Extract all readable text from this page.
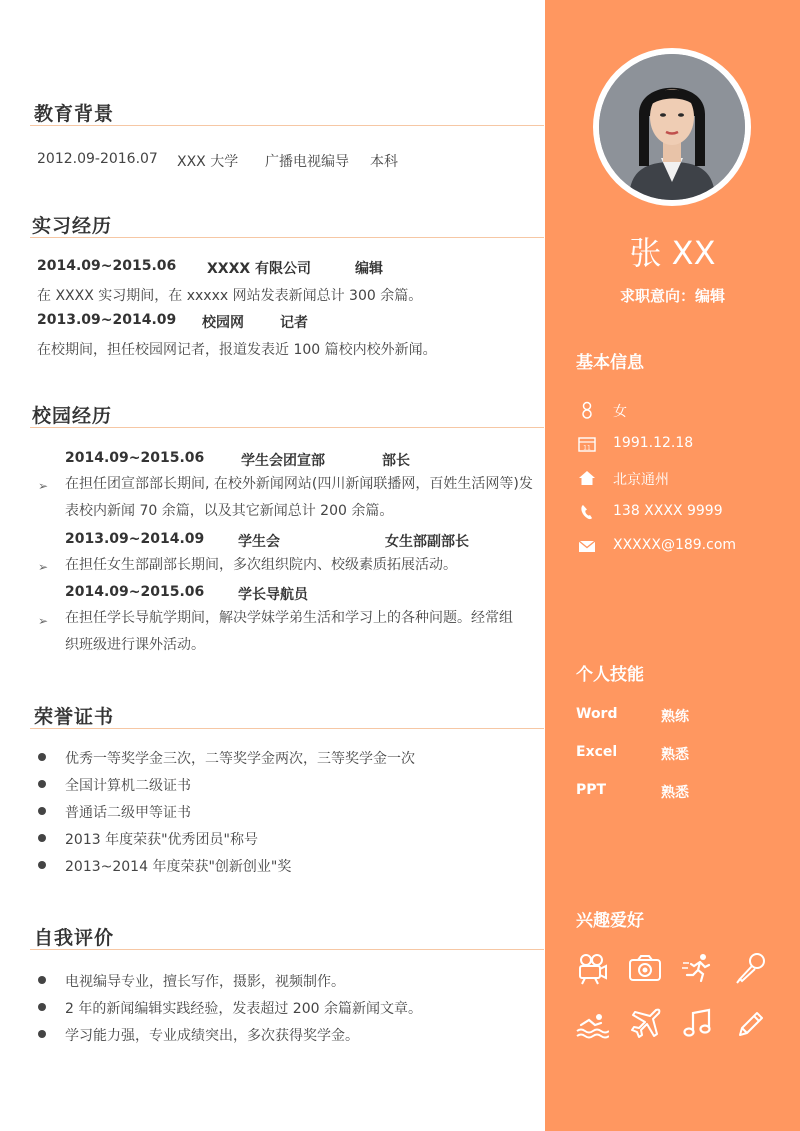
教育背景
2012.09-2016.07 XXX 大学 广播电视编导 本科
实习经历
2014.09~2015.06 XXXX 有限公司	编辑
在 XXXX 实习期间，在 xxxxx 网站发表新闻总计 300 余篇。
2013.09~2014.09 校园网	记者
在校期间，担任校园网记者，报道发表近 100 篇校内校外新闻。
校园经历
2014.09~2015.06	学生会团宣部	部长
➢ 在担任团宣部部长期间, 在校外新闻网站(四川新闻联播网，百姓生活网等)发
表校内新闻 70 余篇，以及其它新闻总计 200 余篇。
2013.09~2014.09 学生会	女生部副部长
➢ 在担任女生部副部长期间，多次组织院内、校级素质拓展活动。
2014.09~2015.06 学长导航员
➢ 在担任学长导航学期间，解决学妹学弟生活和学习上的各种问题。经常组
织班级进行课外活动。
荣誉证书
优秀一等奖学金三次，二等奖学金两次，三等奖学金一次
全国计算机二级证书
普通话二级甲等证书
2013 年度荣获"优秀团员"称号
2013~2014 年度荣获"创新创业"奖
自我评价
电视编导专业，擅长写作，摄影，视频制作。
2 年的新闻编辑实践经验，发表超过 200 余篇新闻文章。
学习能力强，专业成绩突出，多次获得奖学金。
张 XX
求职意向：编辑
基本信息
女
11 1991.12.18
北京通州
138 XXXX 9999
XXXXX@189.com
个人技能
Word	熟练
Excel	熟悉
PPT	熟悉
兴趣爱好
